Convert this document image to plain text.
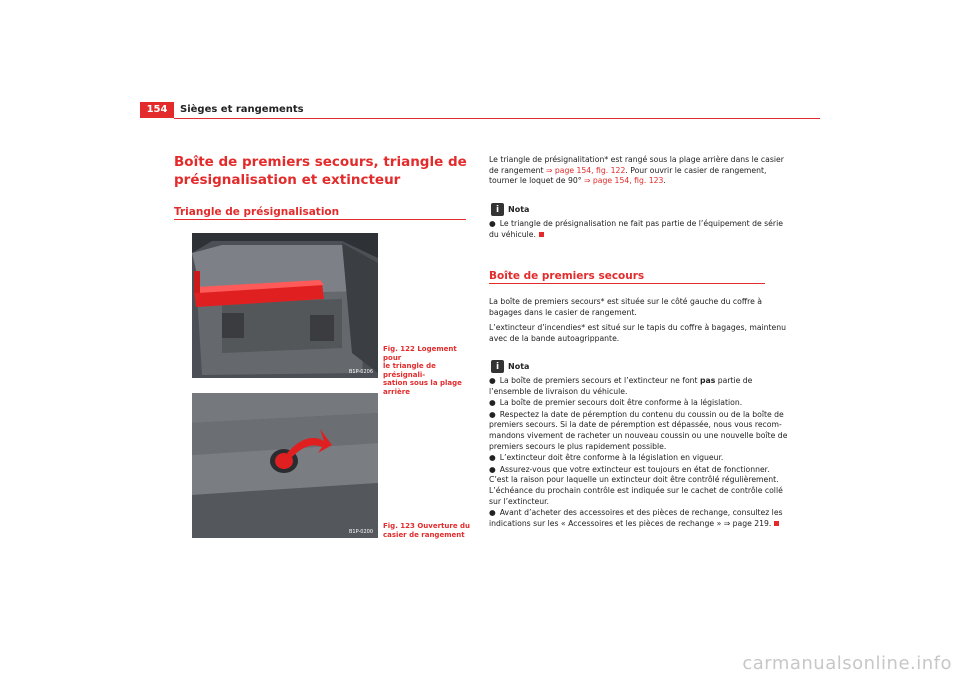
154	Sièges et rangements
Boîte de premiers secours, triangle de
présignalisation et extincteur
Triangle de présignalisation
B1P-0206
Fig. 122 Logement pour
le triangle de présignali-
sation sous la plage
arrière
B1P-0200
Fig. 123 Ouverture du
casier de rangement
Le triangle de présignalitation* est rangé sous la plage arrière dans le casier
de rangement ⇒ page 154, fig. 122. Pour ouvrir le casier de rangement,
tourner le loquet de 90° ⇒ page 154, fig. 123.
i	Nota
● Le triangle de présignalisation ne fait pas partie de l’équipement de série
du véhicule.
Boîte de premiers secours
La boîte de premiers secours* est située sur le côté gauche du coffre à
bagages dans le casier de rangement.
L’extincteur d’incendies* est situé sur le tapis du coffre à bagages, maintenu
avec de la bande autoagrippante.
i	Nota
● La boîte de premiers secours et l’extincteur ne font pas partie de
l’ensemble de livraison du véhicule.
● La boîte de premier secours doit être conforme à la législation.
● Respectez la date de péremption du contenu du coussin ou de la boîte de
premiers secours. Si la date de péremption est dépassée, nous vous recom-
mandons vivement de racheter un nouveau coussin ou une nouvelle boîte de
premiers secours le plus rapidement possible.
● L’extincteur doit être conforme à la législation en vigueur.
● Assurez-vous que votre extincteur est toujours en état de fonctionner.
C’est la raison pour laquelle un extincteur doit être contrôlé régulièrement.
L’échéance du prochain contrôle est indiquée sur le cachet de contrôle collé
sur l’extincteur.
● Avant d’acheter des accessoires et des pièces de rechange, consultez les
indications sur les « Accessoires et les pièces de rechange » ⇒ page 219.
carmanualsonline.info
